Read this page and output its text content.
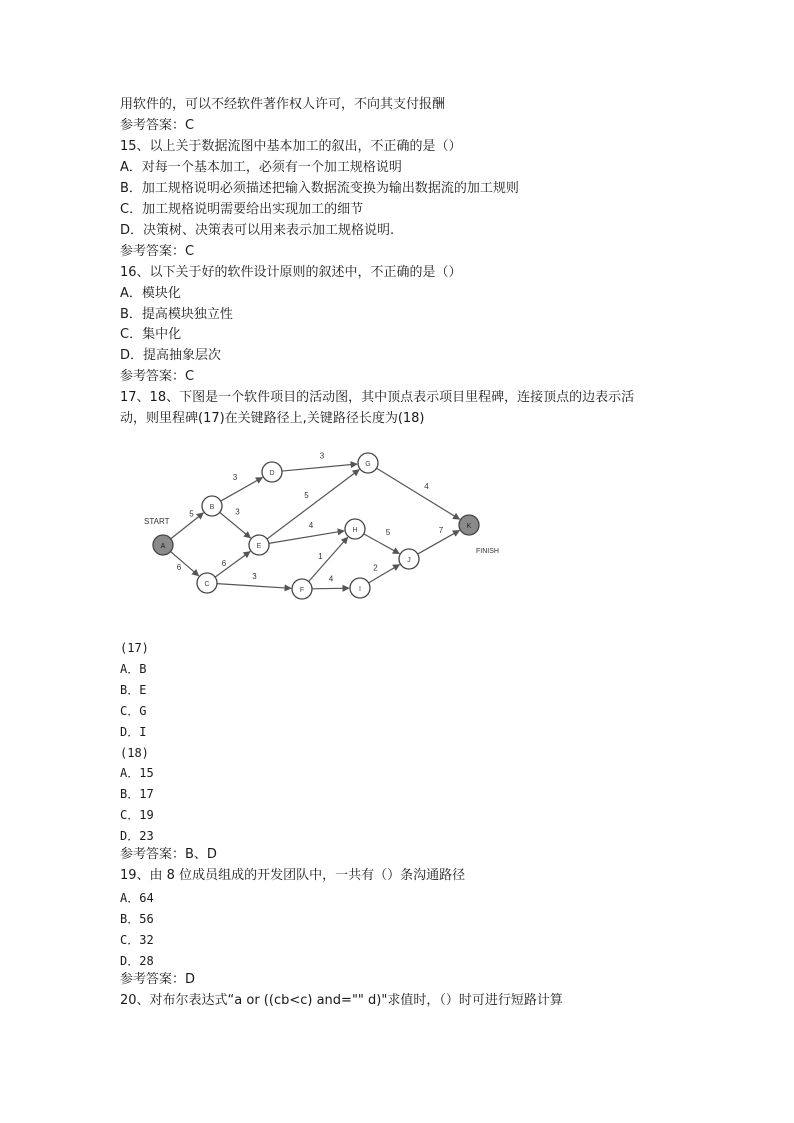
用软件的，可以不经软件著作权人许可，不向其支付报酬
参考答案：C
15、以上关于数据流图中基本加工的叙出，不正确的是（）
A．对每一个基本加工，必须有一个加工规格说明
B．加工规格说明必须描述把输入数据流变换为输出数据流的加工规则
C．加工规格说明需要给出实现加工的细节
D．决策树、决策表可以用来表示加工规格说明.
参考答案：C
16、以下关于好的软件设计原则的叙述中，不正确的是（）
A．模块化
B．提高模块独立性
C．集中化
D．提高抽象层次
参考答案：C
17、18、下图是一个软件项目的活动图，其中顶点表示项目里程碑，连接顶点的边表示活
动，则里程碑(17)在关键路径上,关键路径长度为(18)
5
6
3
3
6
3
3
5
4
1
4
4
5
2
7
A
B
C
D
E
F
G
H
I
J
K
START
FINISH
(17)
A．B
B．E
C．G
D．I
(18)
A．15
B．17
C．19
D．23
参考答案：B、D
19、由 8 位成员组成的开发团队中，一共有（）条沟通路径
A．64
B．56
C．32
D．28
参考答案：D
20、对布尔表达式“a or ((cb<c) and="" d)"求值时，（）时可进行短路计算
